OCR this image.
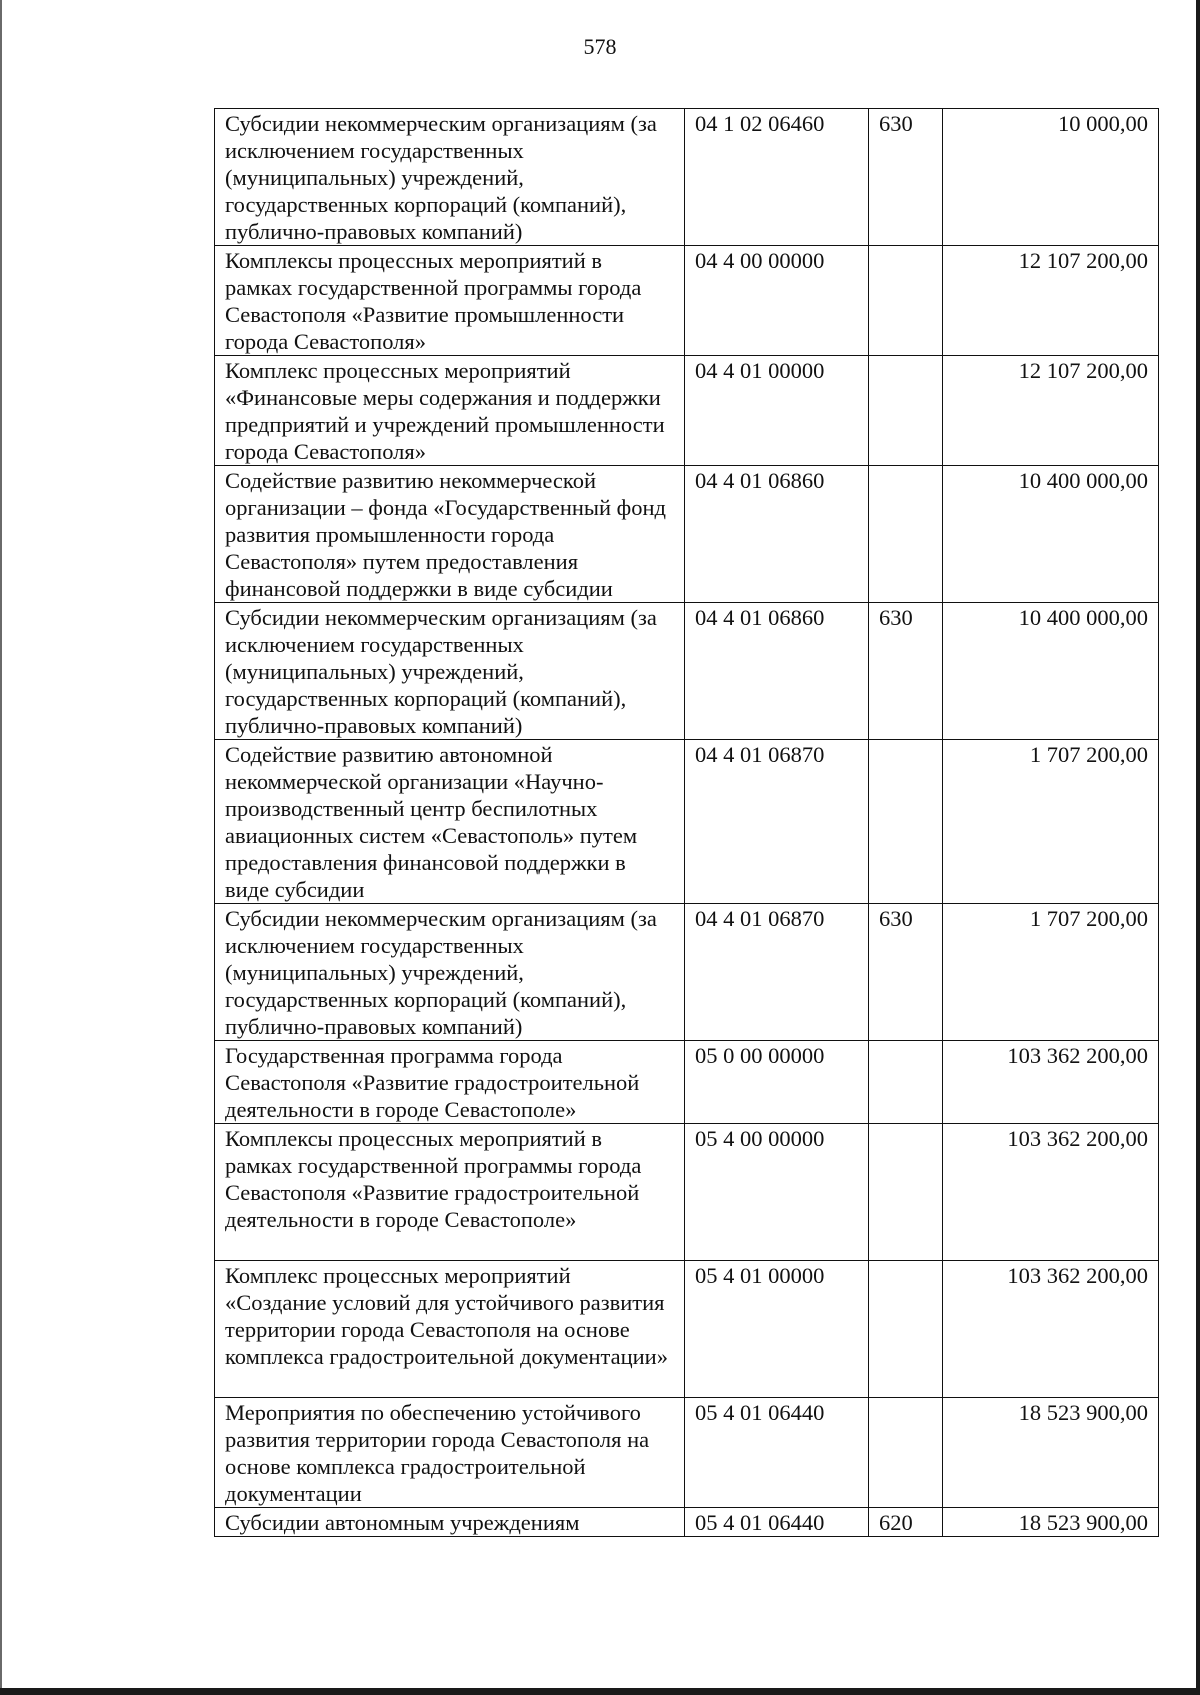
578
Субсидии некоммерческим организациям (за исключением государственных (муниципальных) учреждений, государственных корпораций (компаний), публично-правовых компаний)	04 1 02 06460	630	10 000,00
Комплексы процессных мероприятий в рамках государственной программы города Севастополя «Развитие промышленности города Севастополя»	04 4 00 00000		12 107 200,00
Комплекс процессных мероприятий «Финансовые меры содержания и поддержки предприятий и учреждений промышленности города Севастополя»	04 4 01 00000		12 107 200,00
Содействие развитию некоммерческой организации – фонда «Государственный фонд развития промышленности города Севастополя» путем предоставления финансовой поддержки в виде субсидии	04 4 01 06860		10 400 000,00
Субсидии некоммерческим организациям (за исключением государственных (муниципальных) учреждений, государственных корпораций (компаний), публично-правовых компаний)	04 4 01 06860	630	10 400 000,00
Содействие развитию автономной некоммерческой организации «Научно-производственный центр беспилотных авиационных систем «Севастополь» путем предоставления финансовой поддержки в виде субсидии	04 4 01 06870		1 707 200,00
Субсидии некоммерческим организациям (за исключением государственных (муниципальных) учреждений, государственных корпораций (компаний), публично-правовых компаний)	04 4 01 06870	630	1 707 200,00
Государственная программа города Севастополя «Развитие градостроительной деятельности в городе Севастополе»	05 0 00 00000		103 362 200,00
Комплексы процессных мероприятий в рамках государственной программы города Севастополя «Развитие градостроительной деятельности в городе Севастополе»	05 4 00 00000		103 362 200,00
Комплекс процессных мероприятий «Создание условий для устойчивого развития территории города Севастополя на основе комплекса градостроительной документации»	05 4 01 00000		103 362 200,00
Мероприятия по обеспечению устойчивого развития территории города Севастополя на основе комплекса градостроительной документации	05 4 01 06440		18 523 900,00
Субсидии автономным учреждениям	05 4 01 06440	620	18 523 900,00
